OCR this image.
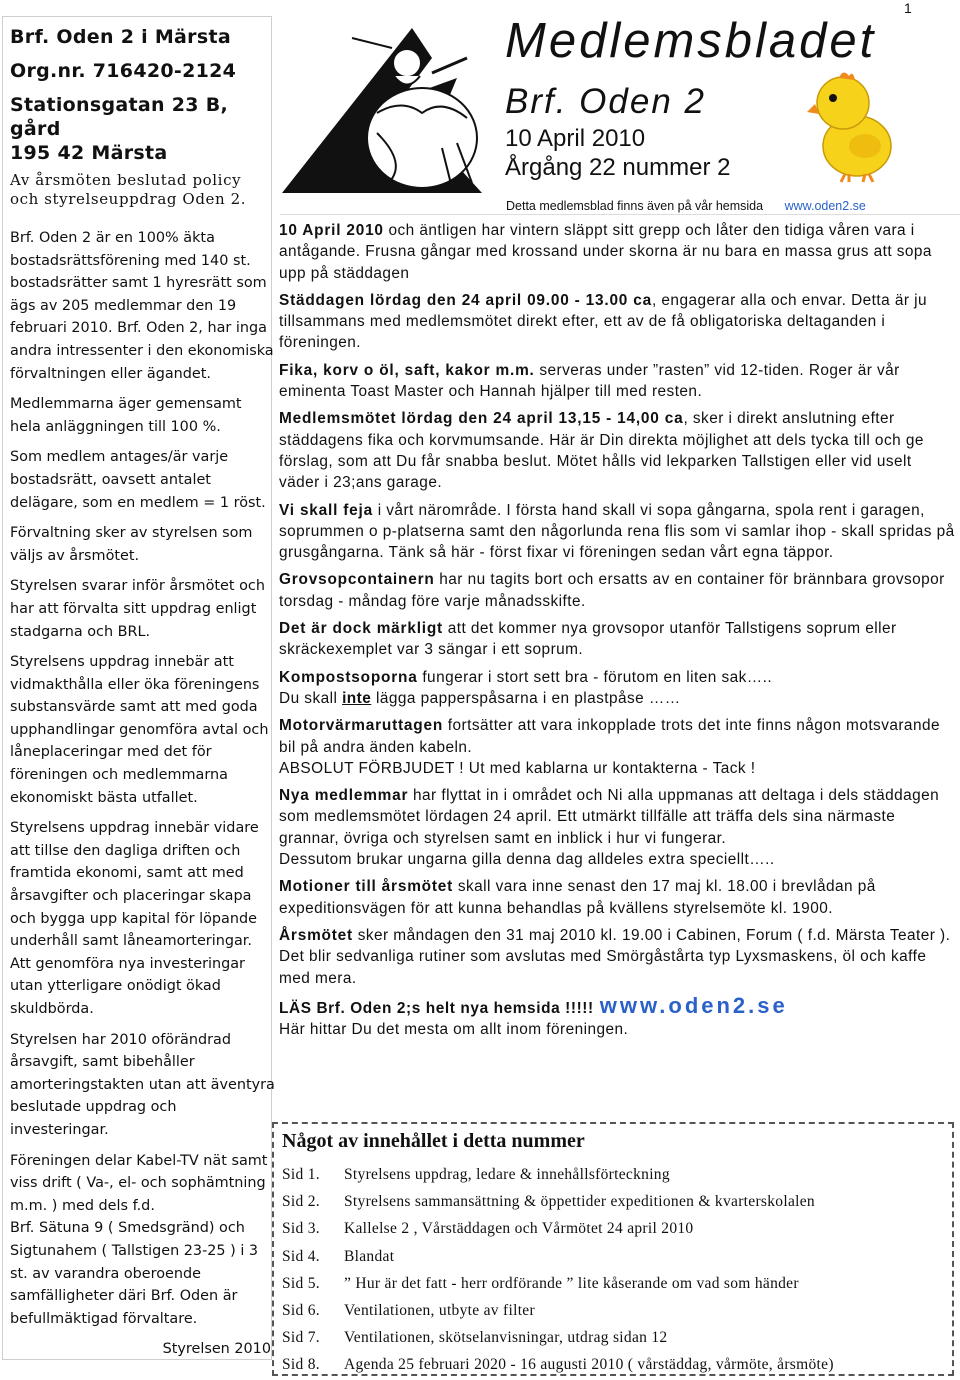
1
Brf. Oden 2 i Märsta
Org.nr. 716420-2124
Stationsgatan 23 B, gård
195 42 Märsta
Av årsmöten beslutad policy
och styrelseuppdrag Oden 2.

Brf. Oden 2 är en 100% äkta bostadsrättsförening med 140 st. bostadsrätter samt 1 hyresrätt som ägs av 205 medlemmar den 19 februari 2010. Brf. Oden 2, har inga andra intressenter i den ekonomiska förvaltningen eller ägandet.

Medlemmarna äger gemensamt hela anläggningen till 100 %.

Som medlem antages/är varje bostadsrätt, oavsett antalet delägare, som en medlem = 1 röst.

Förvaltning sker av styrelsen som väljs av årsmötet.

Styrelsen svarar inför årsmötet och har att förvalta sitt uppdrag enligt stadgarna och BRL.

Styrelsens uppdrag innebär att vidmakthålla eller öka föreningens substansvärde samt att med goda upphandlingar genomföra avtal och låneplaceringar med det för föreningen och medlemmarna ekonomiskt bästa utfallet.

Styrelsens uppdrag innebär vidare att tillse den dagliga driften och framtida ekonomi, samt att med årsavgifter och placeringar skapa och bygga upp kapital för löpande underhåll samt låneamorteringar.

Att genomföra nya investeringar utan ytterligare onödigt ökad skuldbörda.

Styrelsen har 2010 oförändrad årsavgift, samt bibehåller amorteringstakten utan att äventyra beslutade uppdrag och investeringar.

Föreningen delar Kabel-TV nät samt viss drift ( Va-, el- och sophämtning m.m. ) med dels f.d.

Brf. Sätuna 9 ( Smedsgränd) och Sigtunahem ( Tallstigen 23-25 ) i 3 st. av varandra oberoende samfälligheter däri Brf. Oden är befullmäktigad förvaltare.

Styrelsen 2010
Medlemsbladet
Brf. Oden 2
10 April 2010
Årgång 22 nummer 2
Detta medlemsblad finns även på vår hemsida www.oden2.se

10 April 2010 och äntligen har vintern släppt sitt grepp och låter den tidiga våren vara i antågande. Frusna gångar med krossand under skorna är nu bara en massa grus att sopa upp på städdagen

Städdagen lördag den 24 april 09.00 - 13.00 ca, engagerar alla och envar. Detta är ju tillsammans med medlemsmötet direkt efter, ett av de få obligatoriska deltaganden i föreningen.

Fika, korv o öl, saft, kakor m.m. serveras under ”rasten” vid 12-tiden. Roger är vår eminenta Toast Master och Hannah hjälper till med resten.

Medlemsmötet lördag den 24 april 13,15 - 14,00 ca, sker i direkt anslutning efter städdagens fika och korvmumsande. Här är Din direkta möjlighet att dels tycka till och ge förslag, som att Du får snabba beslut. Mötet hålls vid lekparken Tallstigen eller vid uselt väder i 23;ans garage.

Vi skall feja i vårt närområde. I första hand skall vi sopa gångarna, spola rent i garagen, soprummen o p-platserna samt den någorlunda rena flis som vi samlar ihop - skall spridas på grusgångarna. Tänk så här - först fixar vi föreningen sedan vårt egna täppor.

Grovsopcontainern har nu tagits bort och ersatts av en container för brännbara grovsopor torsdag - måndag före varje månadsskifte.

Det är dock märkligt att det kommer nya grovsopor utanför Tallstigens soprum eller skräckexemplet var 3 sängar i ett soprum.

Kompostsoporna fungerar i stort sett bra - förutom en liten sak…..
Du skall inte lägga papperspåsarna i en plastpåse ……

Motorvärmaruttagen fortsätter att vara inkopplade trots det inte finns någon motsvarande bil på andra änden kabeln.
ABSOLUT FÖRBJUDET ! Ut med kablarna ur kontakterna - Tack !

Nya medlemmar har flyttat in i området och Ni alla uppmanas att deltaga i dels städdagen som medlemsmötet lördagen 24 april. Ett utmärkt tillfälle att träffa dels sina närmaste grannar, övriga och styrelsen samt en inblick i hur vi fungerar.
Dessutom brukar ungarna gilla denna dag alldeles extra speciellt…..

Motioner till årsmötet skall vara inne senast den 17 maj kl. 18.00 i brevlådan på expeditionsvägen för att kunna behandlas på kvällens styrelsemöte kl. 1900.

Årsmötet sker måndagen den 31 maj 2010 kl. 19.00 i Cabinen, Forum ( f.d. Märsta Teater ). Det blir sedvanliga rutiner som avslutas med Smörgåstårta typ Lyxsmaskens, öl och kaffe med mera.

LÄS Brf. Oden 2;s helt nya hemsida !!!!! www.oden2.se
Här hittar Du det mesta om allt inom föreningen.

Något av innehållet i detta nummer
Sid 1. Styrelsens uppdrag, ledare & innehållsförteckning
Sid 2. Styrelsens sammansättning & öppettider expeditionen & kvarterskolalen
Sid 3. Kallelse 2 , Vårstäddagen och Vårmötet 24 april 2010
Sid 4. Blandat
Sid 5. ” Hur är det fatt - herr ordförande ” lite kåserande om vad som händer
Sid 6. Ventilationen, utbyte av filter
Sid 7. Ventilationen, skötselanvisningar, utdrag sidan 12
Sid 8. Agenda 25 februari 2020 - 16 augusti 2010 ( vårstäddag, vårmöte, årsmöte)
